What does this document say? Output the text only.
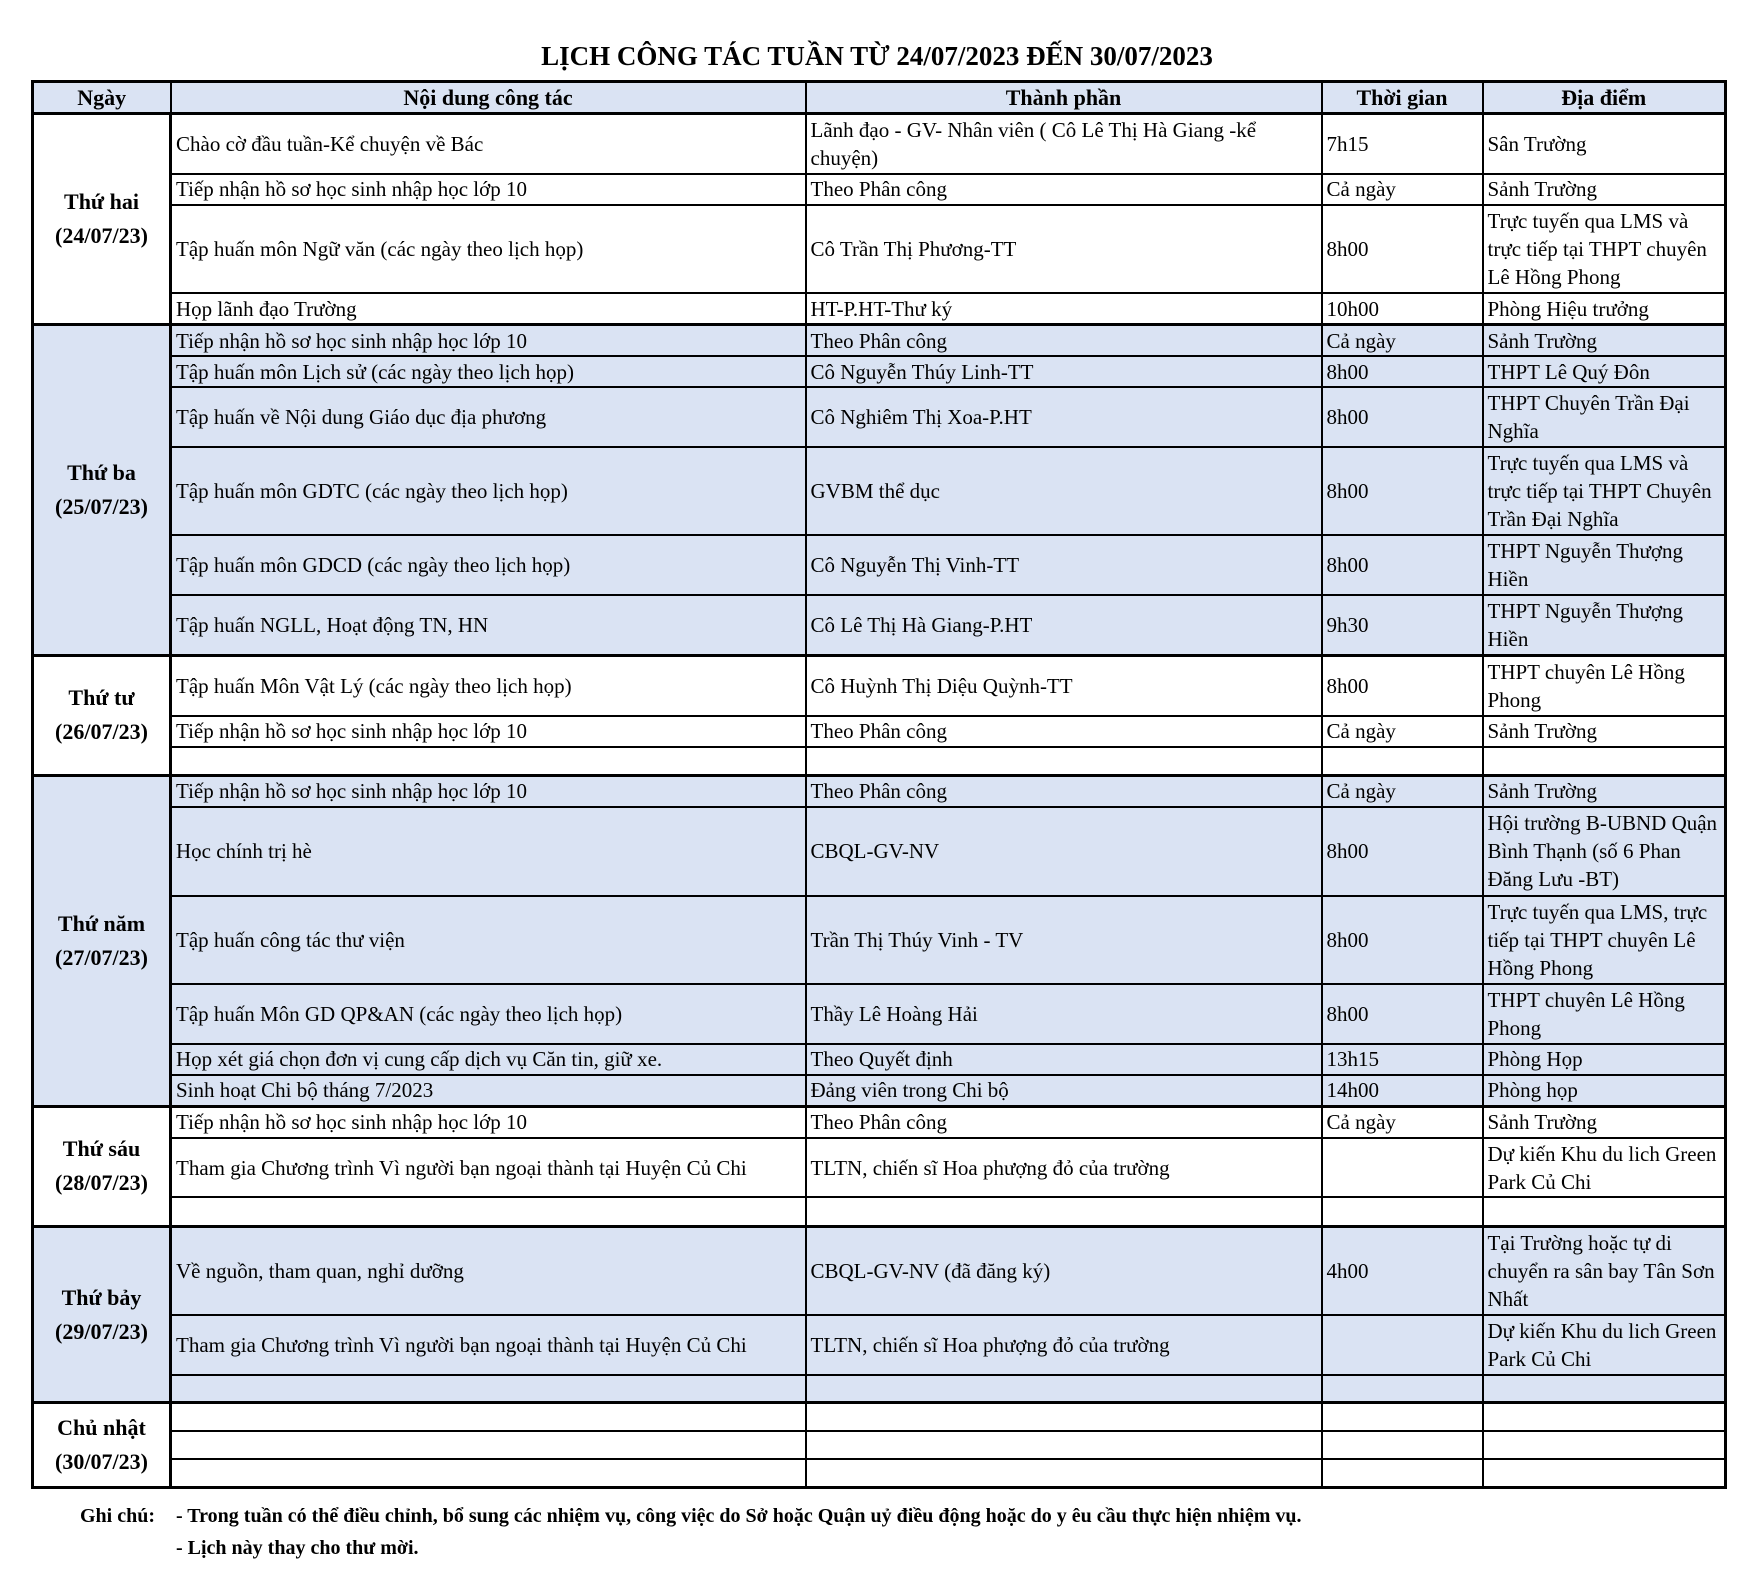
LỊCH CÔNG TÁC TUẦN TỪ 24/07/2023 ĐẾN 30/07/2023
Ngày	Nội dung công tác	Thành phần	Thời gian	Địa điểm
Thứ hai
(24/07/23)	Chào cờ đầu tuần-Kể chuyện về Bác	Lãnh đạo - GV- Nhân viên ( Cô Lê Thị Hà Giang -kể chuyện)	7h15	Sân Trường
	Tiếp nhận hồ sơ học sinh nhập học lớp 10	Theo Phân công	Cả ngày	Sảnh Trường
	Tập huấn môn Ngữ văn (các ngày theo lịch họp)	Cô Trần Thị Phương-TT	8h00	Trực tuyến qua LMS và trực tiếp tại THPT chuyên Lê Hồng Phong
	Họp lãnh đạo Trường	HT-P.HT-Thư ký	10h00	Phòng Hiệu trưởng
Thứ ba
(25/07/23)	Tiếp nhận hồ sơ học sinh nhập học lớp 10	Theo Phân công	Cả ngày	Sảnh Trường
	Tập huấn môn Lịch sử (các ngày theo lịch họp)	Cô Nguyễn Thúy Linh-TT	8h00	THPT Lê Quý Đôn
	Tập huấn về Nội dung Giáo dục địa phương	Cô Nghiêm Thị Xoa-P.HT	8h00	THPT Chuyên Trần Đại Nghĩa
	Tập huấn môn GDTC (các ngày theo lịch họp)	GVBM thể dục	8h00	Trực tuyến qua LMS và trực tiếp tại THPT Chuyên Trần Đại Nghĩa
	Tập huấn môn GDCD (các ngày theo lịch họp)	Cô Nguyễn Thị Vinh-TT	8h00	THPT Nguyễn Thượng Hiền
	Tập huấn NGLL, Hoạt động TN, HN	Cô Lê Thị Hà Giang-P.HT	9h30	THPT Nguyễn Thượng Hiền
Thứ tư
(26/07/23)	Tập huấn Môn Vật Lý (các ngày theo lịch họp)	Cô Huỳnh Thị Diệu Quỳnh-TT	8h00	THPT chuyên Lê Hồng Phong
	Tiếp nhận hồ sơ học sinh nhập học lớp 10	Theo Phân công	Cả ngày	Sảnh Trường

Thứ năm
(27/07/23)	Tiếp nhận hồ sơ học sinh nhập học lớp 10	Theo Phân công	Cả ngày	Sảnh Trường
	Học chính trị hè	CBQL-GV-NV	8h00	Hội trường B-UBND Quận Bình Thạnh (số 6 Phan Đăng Lưu -BT)
	Tập huấn công tác thư viện	Trần Thị Thúy Vinh - TV	8h00	Trực tuyến qua LMS, trực tiếp tại THPT chuyên Lê Hồng Phong
	Tập huấn Môn GD QP&AN (các ngày theo lịch họp)	Thầy Lê Hoàng Hải	8h00	THPT chuyên Lê Hồng Phong
	Họp xét giá chọn đơn vị cung cấp dịch vụ Căn tin, giữ xe.	Theo Quyết định	13h15	Phòng Họp
	Sinh hoạt Chi bộ tháng 7/2023	Đảng viên trong Chi bộ	14h00	Phòng họp
Thứ sáu
(28/07/23)	Tiếp nhận hồ sơ học sinh nhập học lớp 10	Theo Phân công	Cả ngày	Sảnh Trường
	Tham gia Chương trình Vì người bạn ngoại thành tại Huyện Củ Chi	TLTN, chiến sĩ Hoa phượng đỏ của trường		Dự kiến Khu du lich Green Park Củ Chi

Thứ bảy
(29/07/23)	Về nguồn, tham quan, nghỉ dưỡng	CBQL-GV-NV (đã đăng ký)	4h00	Tại Trường hoặc tự di chuyển ra sân bay Tân Sơn Nhất
	Tham gia Chương trình Vì người bạn ngoại thành tại Huyện Củ Chi	TLTN, chiến sĩ Hoa phượng đỏ của trường		Dự kiến Khu du lich Green Park Củ Chi

Chủ nhật
(30/07/23)				

Ghi chú: - Trong tuần có thể điều chỉnh, bổ sung các nhiệm vụ, công việc do Sở hoặc Quận uỷ điều động hoặc do y êu cầu thực hiện nhiệm vụ.
- Lịch này thay cho thư mời.
